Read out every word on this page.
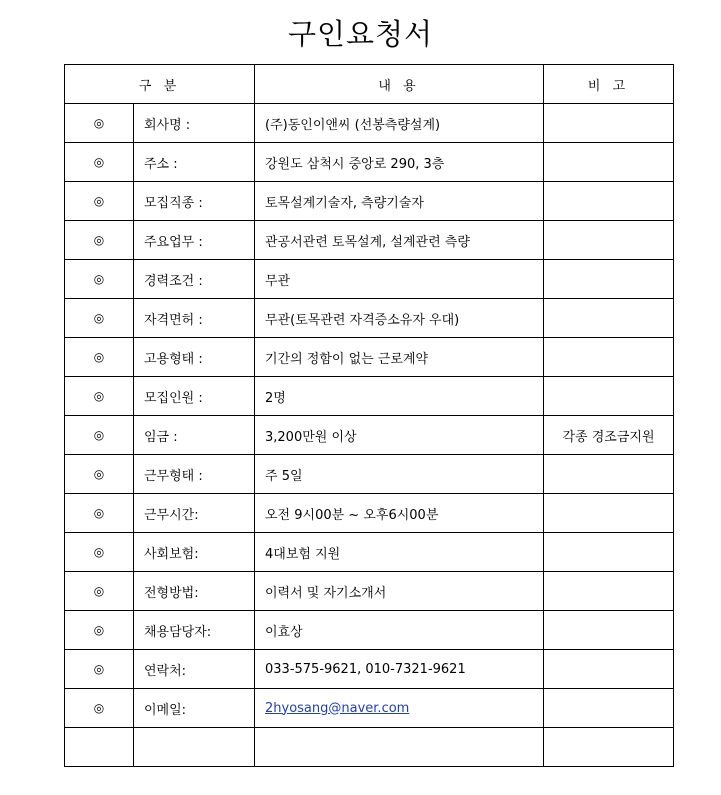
구인요청서
구 분		내 용	비 고
◎	회사명 :	(주)동인이앤씨 (선봉측량설계)	
◎	주소 :	강원도 삼척시 중앙로 290, 3층	
◎	모집직종 :	토목설계기술자, 측량기술자	
◎	주요업무 :	관공서관련 토목설계, 설계관련 측량	
◎	경력조건 :	무관	
◎	자격면허 :	무관(토목관련 자격증소유자 우대)	
◎	고용형태 :	기간의 정함이 없는 근로계약	
◎	모집인원 :	2명	
◎	임금 :	3,200만원 이상	각종 경조금지원
◎	근무형태 :	주 5일	
◎	근무시간:	오전 9시00분 ~ 오후6시00분	
◎	사회보험:	4대보험 지원	
◎	전형방법:	이력서 및 자기소개서	
◎	채용담당자:	이효상	
◎	연락처:	033-575-9621, 010-7321-9621	
◎	이메일:	2hyosang@naver.com	
